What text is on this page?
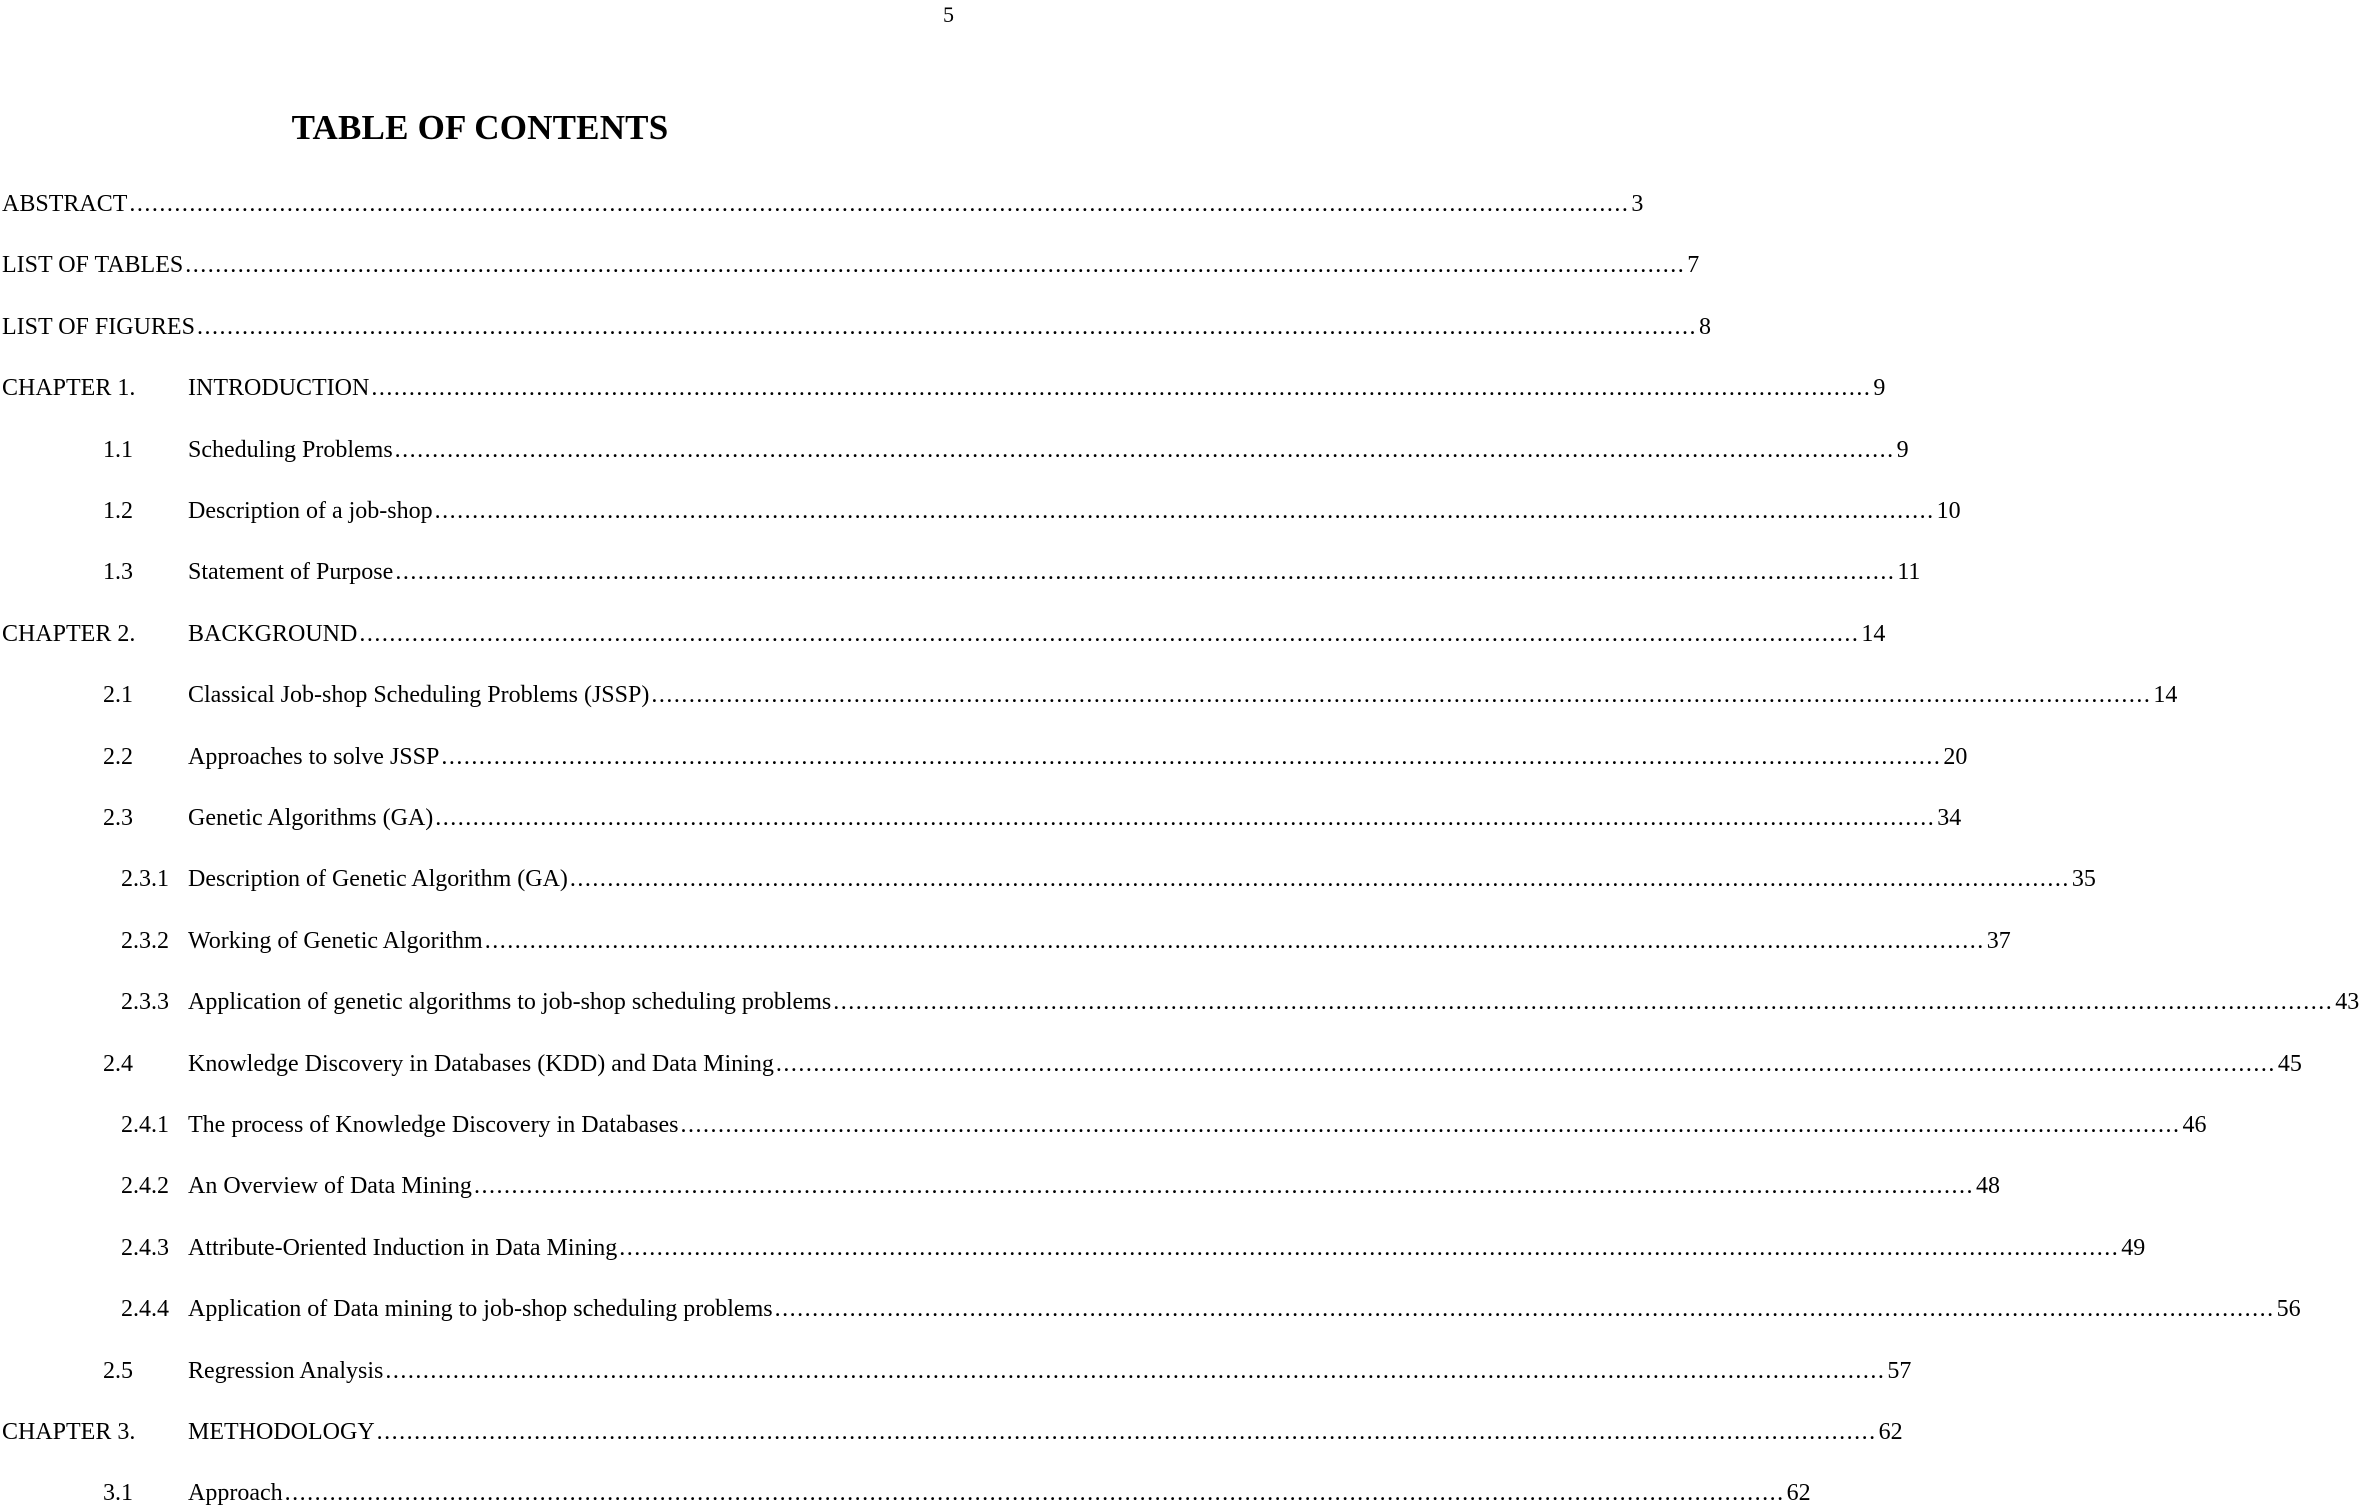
5
TABLE OF CONTENTS
ABSTRACT ........................................................................................................................................................................................................ 3
LIST OF TABLES ........................................................................................................................................................................................................ 7
LIST OF FIGURES ........................................................................................................................................................................................................ 8
CHAPTER 1. INTRODUCTION ........................................................................................................................................................................................................ 9
1.1 Scheduling Problems ........................................................................................................................................................................................................ 9
1.2 Description of a job-shop ........................................................................................................................................................................................................ 10
1.3 Statement of Purpose ........................................................................................................................................................................................................ 11
CHAPTER 2. BACKGROUND ........................................................................................................................................................................................................ 14
2.1 Classical Job-shop Scheduling Problems (JSSP) ........................................................................................................................................................................................................ 14
2.2 Approaches to solve JSSP ........................................................................................................................................................................................................ 20
2.3 Genetic Algorithms (GA) ........................................................................................................................................................................................................ 34
2.3.1 Description of Genetic Algorithm (GA) ........................................................................................................................................................................................................ 35
2.3.2 Working of Genetic Algorithm ........................................................................................................................................................................................................ 37
2.3.3 Application of genetic algorithms to job-shop scheduling problems ........................................................................................................................................................................................................ 43
2.4 Knowledge Discovery in Databases (KDD) and Data Mining ........................................................................................................................................................................................................ 45
2.4.1 The process of Knowledge Discovery in Databases ........................................................................................................................................................................................................ 46
2.4.2 An Overview of Data Mining ........................................................................................................................................................................................................ 48
2.4.3 Attribute-Oriented Induction in Data Mining ........................................................................................................................................................................................................ 49
2.4.4 Application of Data mining to job-shop scheduling problems ........................................................................................................................................................................................................ 56
2.5 Regression Analysis ........................................................................................................................................................................................................ 57
CHAPTER 3. METHODOLOGY ........................................................................................................................................................................................................ 62
3.1 Approach ........................................................................................................................................................................................................ 62
